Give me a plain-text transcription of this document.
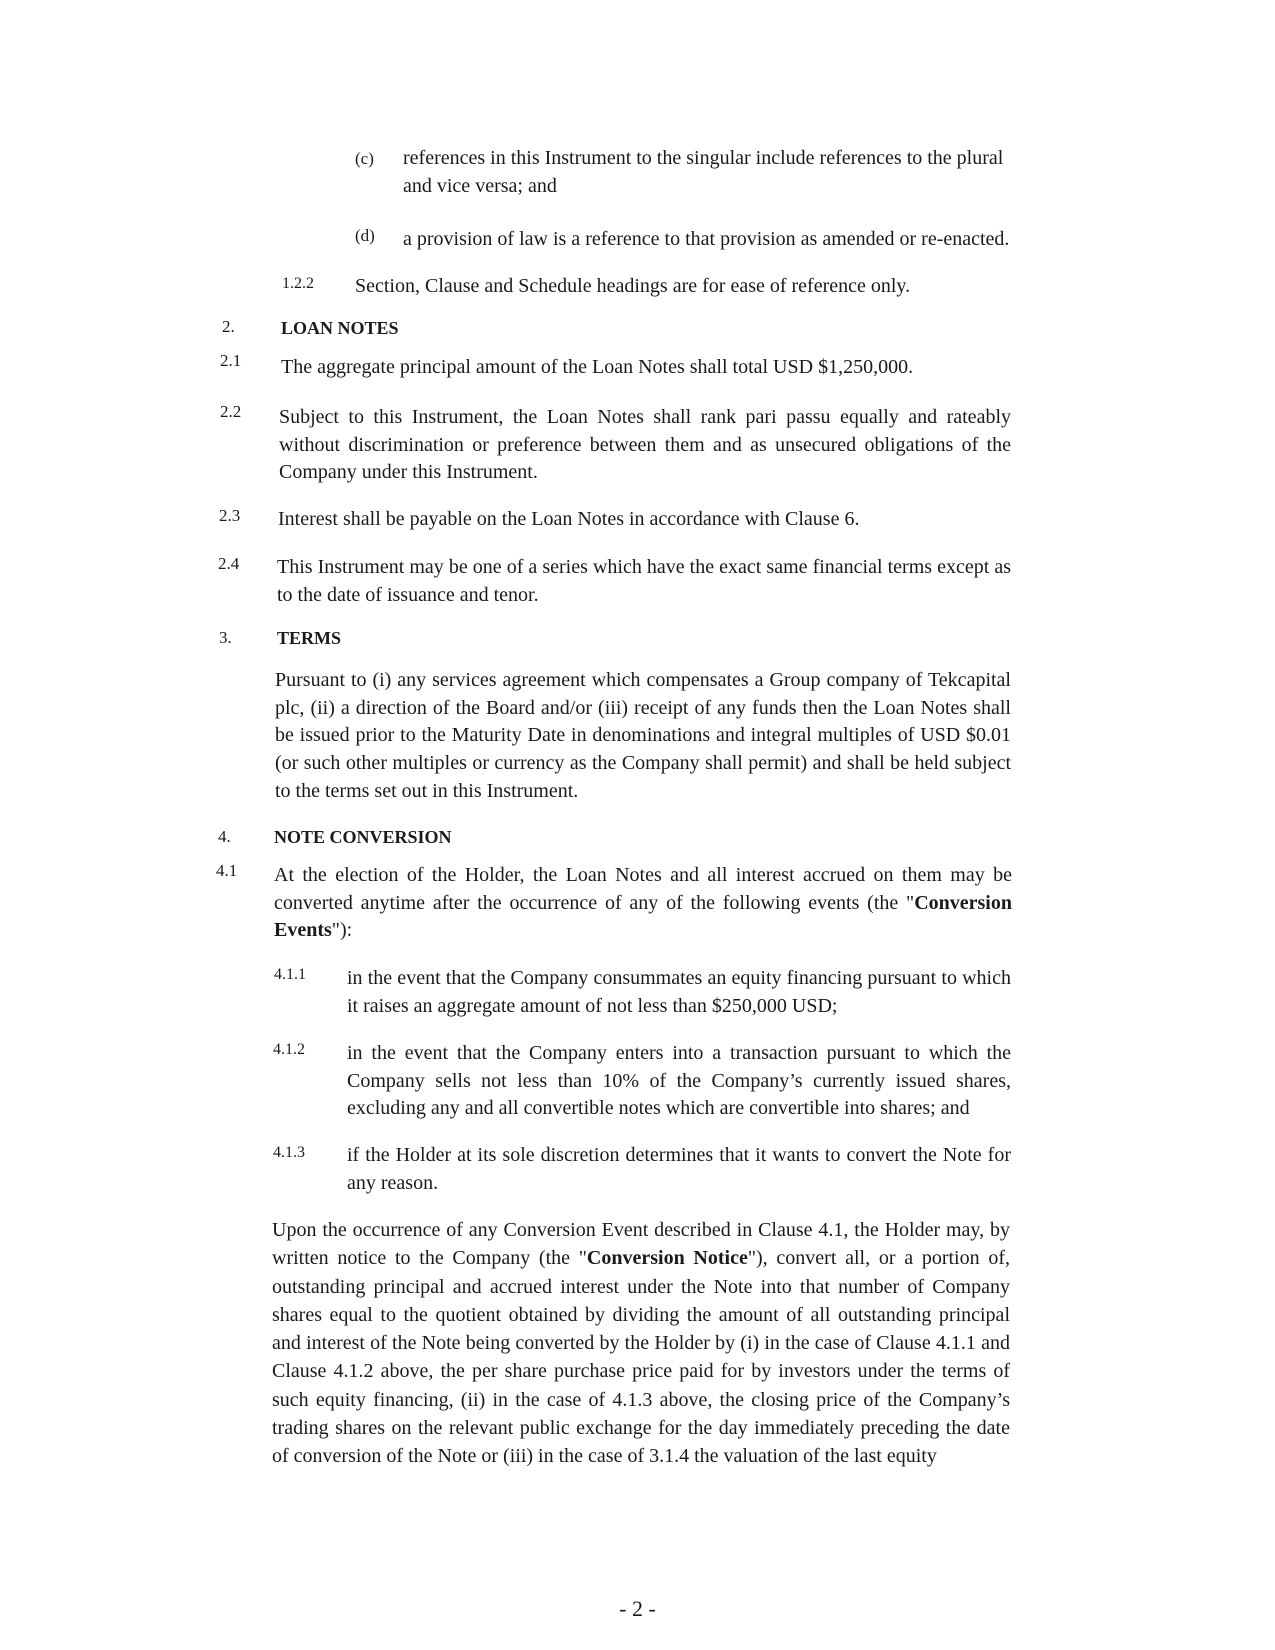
(c) references in this Instrument to the singular include references to the plural and vice versa; and
(d) a provision of law is a reference to that provision as amended or re-enacted.
1.2.2 Section, Clause and Schedule headings are for ease of reference only.
2.	LOAN NOTES
2.1 The aggregate principal amount of the Loan Notes shall total USD $1,250,000.
2.2 Subject to this Instrument, the Loan Notes shall rank pari passu equally and rateably without discrimination or preference between them and as unsecured obligations of the Company under this Instrument.
2.3 Interest shall be payable on the Loan Notes in accordance with Clause 6.
2.4 This Instrument may be one of a series which have the exact same financial terms except as to the date of issuance and tenor.
3.	TERMS
Pursuant to (i) any services agreement which compensates a Group company of Tekcapital plc, (ii) a direction of the Board and/or (iii) receipt of any funds then the Loan Notes shall be issued prior to the Maturity Date in denominations and integral multiples of USD $0.01 (or such other multiples or currency as the Company shall permit) and shall be held subject to the terms set out in this Instrument.
4. NOTE CONVERSION
4.1 At the election of the Holder, the Loan Notes and all interest accrued on them may be converted anytime after the occurrence of any of the following events (the "Conversion Events"):
4.1.1 in the event that the Company consummates an equity financing pursuant to which it raises an aggregate amount of not less than $250,000 USD;
4.1.2 in the event that the Company enters into a transaction pursuant to which the Company sells not less than 10% of the Company’s currently issued shares, excluding any and all convertible notes which are convertible into shares; and
4.1.3 if the Holder at its sole discretion determines that it wants to convert the Note for any reason.
Upon the occurrence of any Conversion Event described in Clause 4.1, the Holder may, by written notice to the Company (the "Conversion Notice"), convert all, or a portion of, outstanding principal and accrued interest under the Note into that number of Company shares equal to the quotient obtained by dividing the amount of all outstanding principal and interest of the Note being converted by the Holder by (i) in the case of Clause 4.1.1 and Clause 4.1.2 above, the per share purchase price paid for by investors under the terms of such equity financing, (ii) in the case of 4.1.3 above, the closing price of the Company’s trading shares on the relevant public exchange for the day immediately preceding the date of conversion of the Note or (iii) in the case of 3.1.4 the valuation of the last equity
- 2 -
